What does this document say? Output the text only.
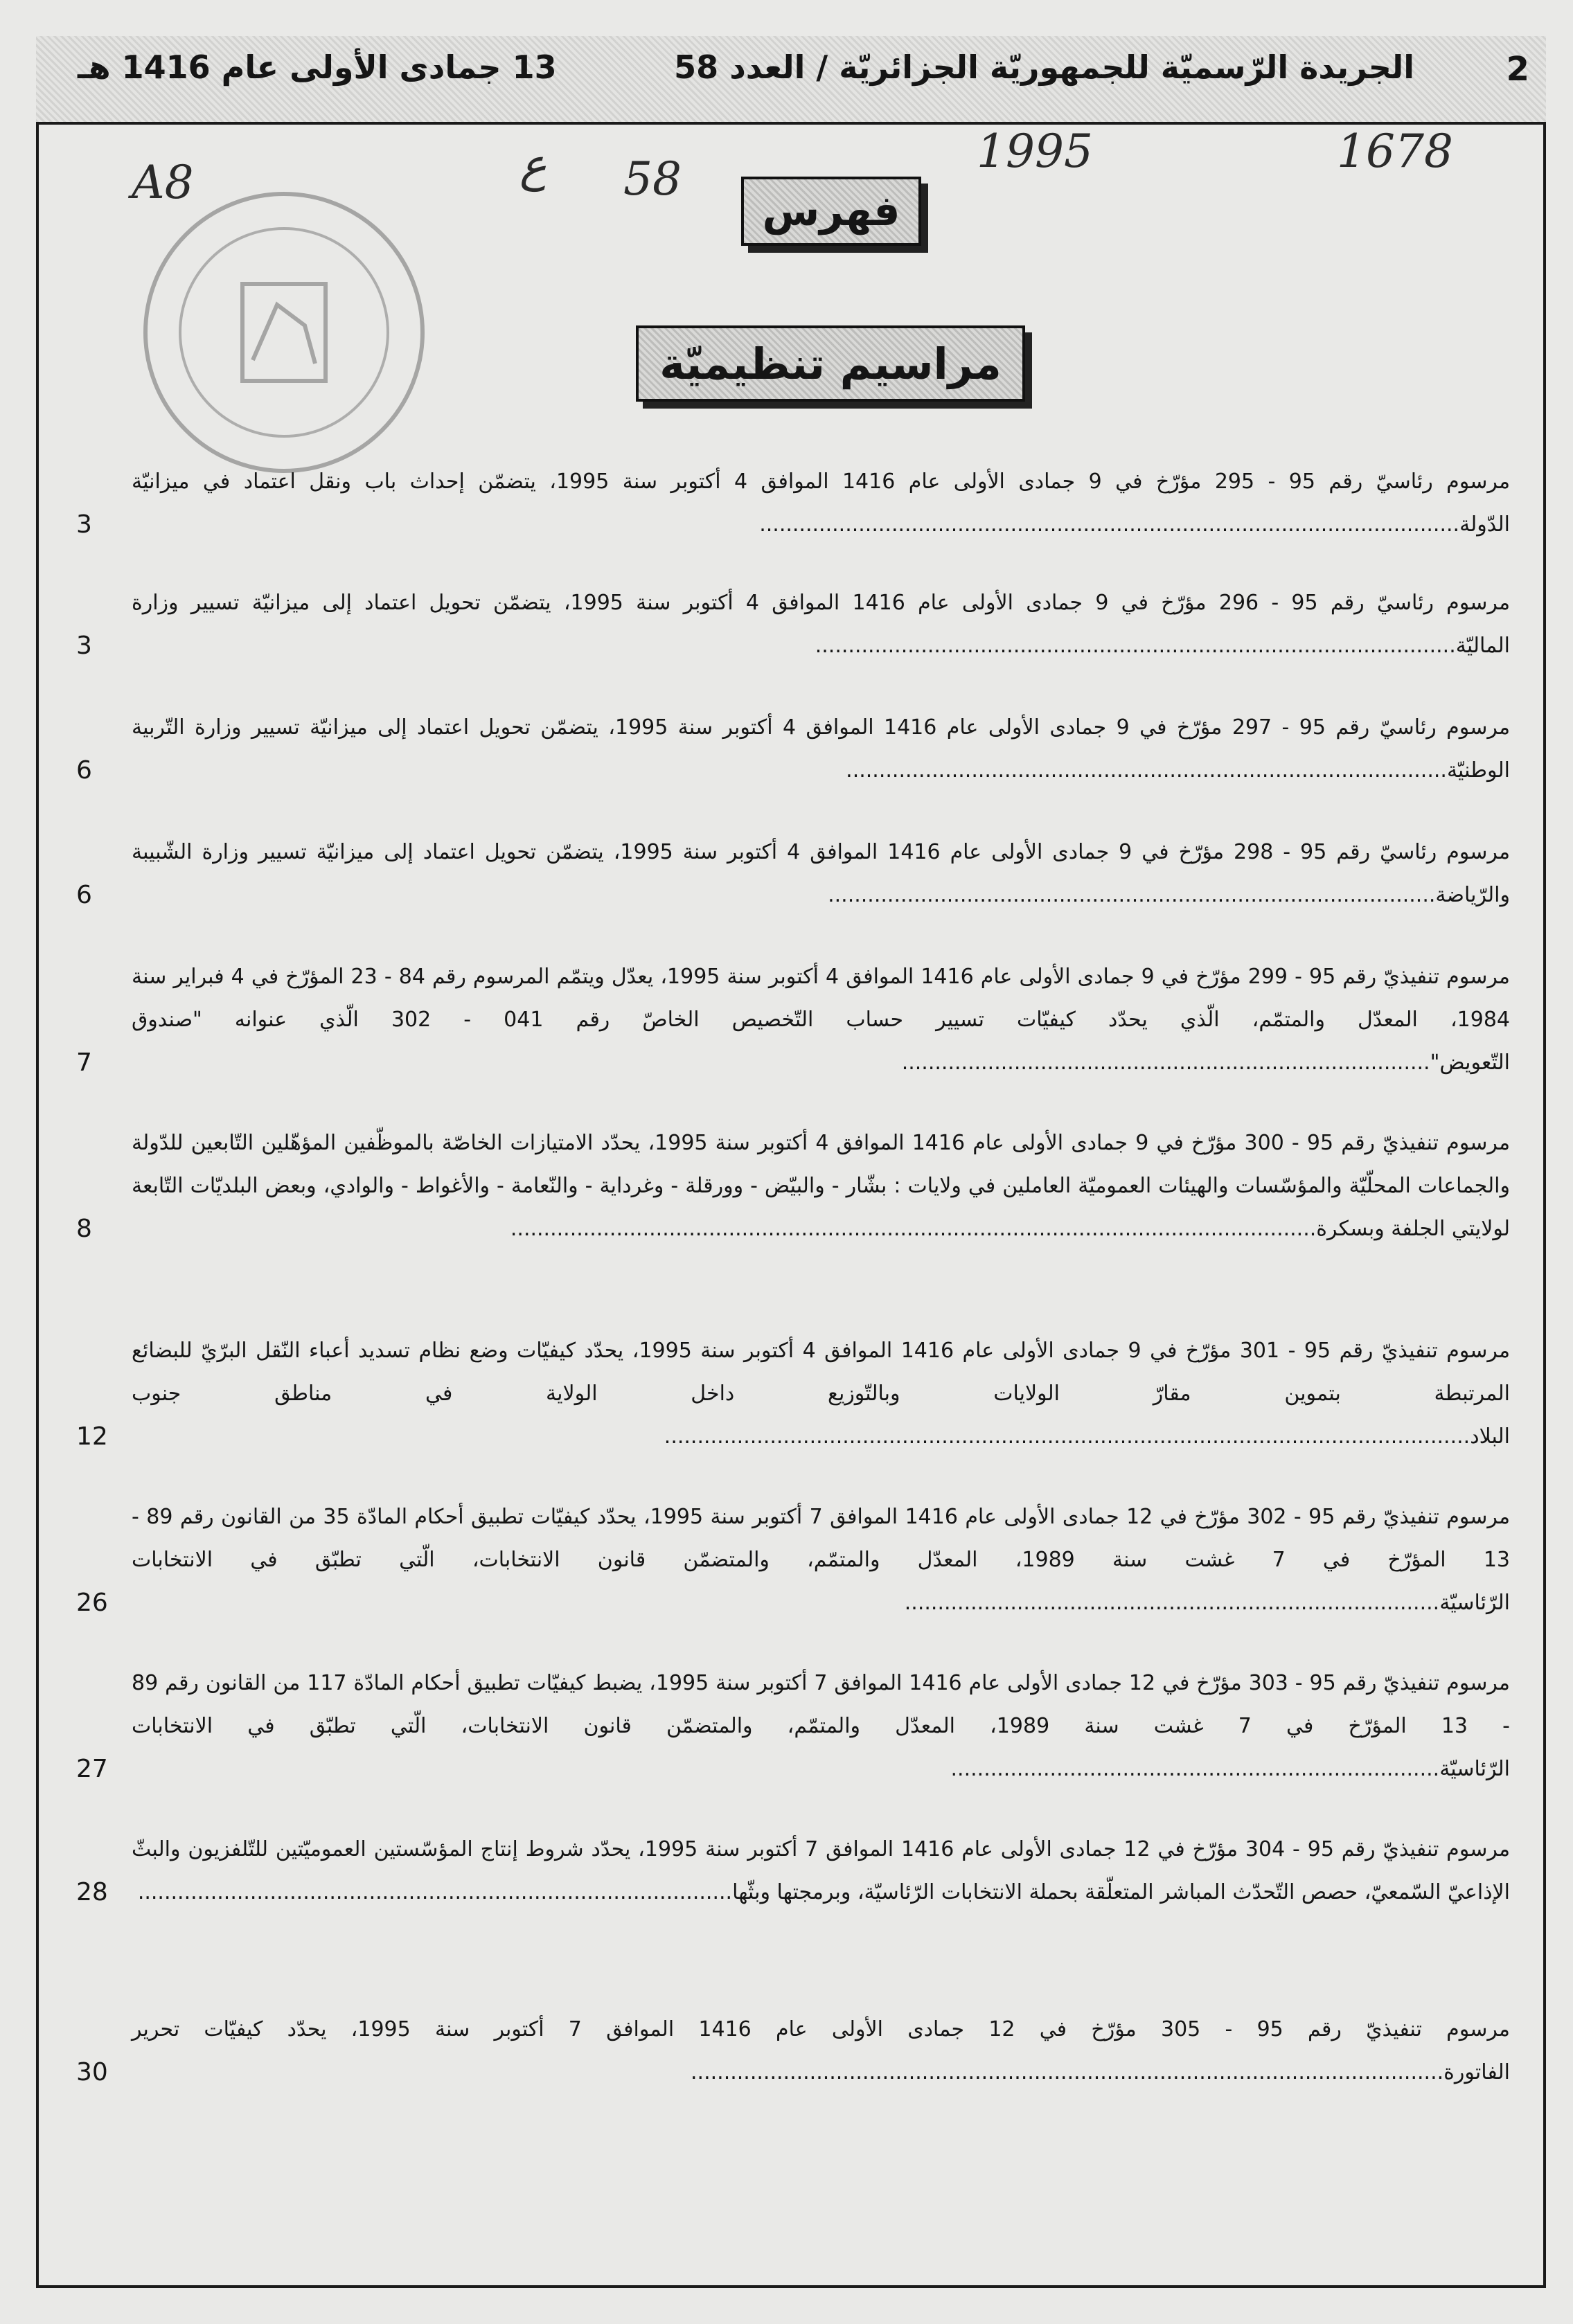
2
الجريدة الرّسميّة للجمهوريّة الجزائريّة / العدد 58
13 جمادى الأولى عام 1416 هـ
1678
1995
58
ع
A8
فهرس
مراسيم تنظيميّة
مرسوم رئاسيّ رقم 95 - 295 مؤرّخ في 9 جمادى الأولى عام 1416 الموافق 4 أكتوبر سنة 1995، يتضمّن إحداث باب ونقل اعتماد في ميزانيّة الدّولة..........................................................................................................
3
مرسوم رئاسيّ رقم 95 - 296 مؤرّخ في 9 جمادى الأولى عام 1416 الموافق 4 أكتوبر سنة 1995، يتضمّن تحويل اعتماد إلى ميزانيّة تسيير وزارة الماليّة.................................................................................................
3
مرسوم رئاسيّ رقم 95 - 297 مؤرّخ في 9 جمادى الأولى عام 1416 الموافق 4 أكتوبر سنة 1995، يتضمّن تحويل اعتماد إلى ميزانيّة تسيير وزارة التّربية الوطنيّة...........................................................................................
6
مرسوم رئاسيّ رقم 95 - 298 مؤرّخ في 9 جمادى الأولى عام 1416 الموافق 4 أكتوبر سنة 1995، يتضمّن تحويل اعتماد إلى ميزانيّة تسيير وزارة الشّبيبة والرّياضة............................................................................................
6
مرسوم تنفيذيّ رقم 95 - 299 مؤرّخ في 9 جمادى الأولى عام 1416 الموافق 4 أكتوبر سنة 1995، يعدّل ويتمّم المرسوم رقم 84 - 23 المؤرّخ في 4 فبراير سنة 1984، المعدّل والمتمّم، الّذي يحدّد كيفيّات تسيير حساب التّخصيص الخاصّ رقم 041 - 302 الّذي عنوانه "صندوق التّعويض"................................................................................
7
مرسوم تنفيذيّ رقم 95 - 300 مؤرّخ في 9 جمادى الأولى عام 1416 الموافق 4 أكتوبر سنة 1995، يحدّد الامتيازات الخاصّة بالموظّفين المؤهّلين التّابعين للدّولة والجماعات المحلّيّة والمؤسّسات والهيئات العموميّة العاملين في ولايات : بشّار - والبيّض - وورقلة - وغرداية - والنّعامة - والأغواط - والوادي، وبعض البلديّات التّابعة لولايتي الجلفة وبسكرة..........................................................................................................................
8
مرسوم تنفيذيّ رقم 95 - 301 مؤرّخ في 9 جمادى الأولى عام 1416 الموافق 4 أكتوبر سنة 1995، يحدّد كيفيّات وضع نظام تسديد أعباء النّقل البرّيّ للبضائع المرتبطة بتموين مقارّ الولايات وبالتّوزيع داخل الولاية في مناطق جنوب البلاد..........................................................................................................................
12
مرسوم تنفيذيّ رقم 95 - 302 مؤرّخ في 12 جمادى الأولى عام 1416 الموافق 7 أكتوبر سنة 1995، يحدّد كيفيّات تطبيق أحكام المادّة 35 من القانون رقم 89 - 13 المؤرّخ في 7 غشت سنة 1989، المعدّل والمتمّم، والمتضمّن قانون الانتخابات، الّتي تطبّق في الانتخابات الرّئاسيّة.................................................................................
26
مرسوم تنفيذيّ رقم 95 - 303 مؤرّخ في 12 جمادى الأولى عام 1416 الموافق 7 أكتوبر سنة 1995، يضبط كيفيّات تطبيق أحكام المادّة 117 من القانون رقم 89 - 13 المؤرّخ في 7 غشت سنة 1989، المعدّل والمتمّم، والمتضمّن قانون الانتخابات، الّتي تطبّق في الانتخابات الرّئاسيّة..........................................................................
27
مرسوم تنفيذيّ رقم 95 - 304 مؤرّخ في 12 جمادى الأولى عام 1416 الموافق 7 أكتوبر سنة 1995، يحدّد شروط إنتاج المؤسّستين العموميّتين للتّلفزيون والبثّ الإذاعيّ السّمعيّ، حصص التّحدّث المباشر المتعلّقة بحملة الانتخابات الرّئاسيّة، وبرمجتها وبثّها..........................................................................................
28
مرسوم تنفيذيّ رقم 95 - 305 مؤرّخ في 12 جمادى الأولى عام 1416 الموافق 7 أكتوبر سنة 1995، يحدّد كيفيّات تحرير الفاتورة..................................................................................................................
30
